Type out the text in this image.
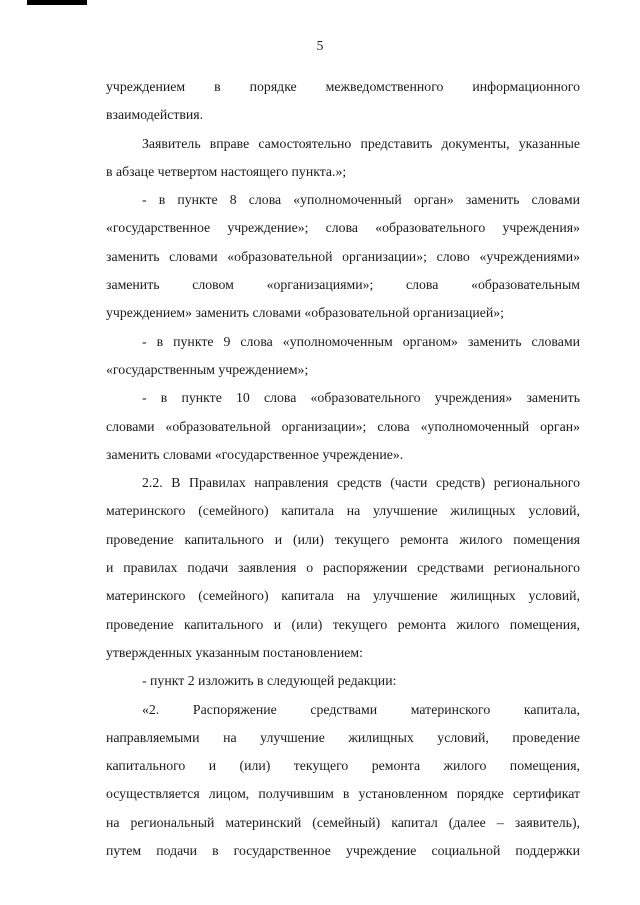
5
учреждением в порядке межведомственного информационного
взаимодействия.
Заявитель вправе самостоятельно представить документы, указанные
в абзаце четвертом настоящего пункта.»;
- в пункте 8 слова «уполномоченный орган» заменить словами
«государственное учреждение»; слова «образовательного учреждения»
заменить словами «образовательной организации»; слово «учреждениями»
заменить словом «организациями»; слова «образовательным
учреждением» заменить словами «образовательной организацией»;
- в пункте 9 слова «уполномоченным органом» заменить словами
«государственным учреждением»;
- в пункте 10 слова «образовательного учреждения» заменить
словами «образовательной организации»; слова «уполномоченный орган»
заменить словами «государственное учреждение».
2.2. В Правилах направления средств (части средств) регионального
материнского (семейного) капитала на улучшение жилищных условий,
проведение капитального и (или) текущего ремонта жилого помещения
и правилах подачи заявления о распоряжении средствами регионального
материнского (семейного) капитала на улучшение жилищных условий,
проведение капитального и (или) текущего ремонта жилого помещения,
утвержденных указанным постановлением:
- пункт 2 изложить в следующей редакции:
«2. Распоряжение средствами материнского капитала,
направляемыми на улучшение жилищных условий, проведение
капитального и (или) текущего ремонта жилого помещения,
осуществляется лицом, получившим в установленном порядке сертификат
на региональный материнский (семейный) капитал (далее – заявитель),
путем подачи в государственное учреждение социальной поддержки
